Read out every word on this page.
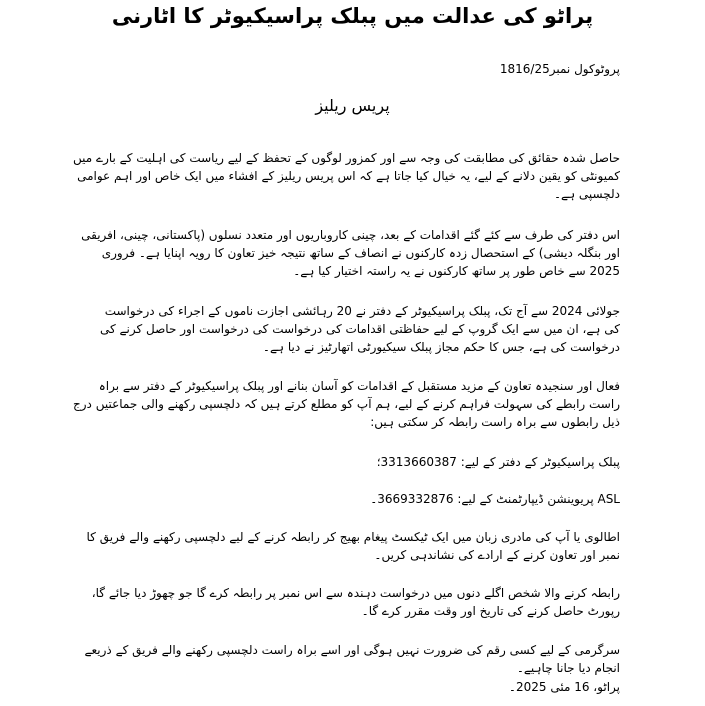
پراٹو کی عدالت میں پبلک پراسیکیوٹر کا اٹارنی
پروٹوکول نمبر1816/25
پریس ریلیز
حاصل شدہ حقائق کی مطابقت کی وجہ سے اور کمزور لوگوں کے تحفظ کے لیے ریاست کی اہلیت کے بارے میں
کمیونٹی کو یقین دلانے کے لیے، یہ خیال کیا جاتا ہے کہ اس پریس ریلیز کے افشاء میں ایک خاص اور اہم عوامی
دلچسپی ہے۔
اس دفتر کی طرف سے کئے گئے اقدامات کے بعد، چینی کاروباریوں اور متعدد نسلوں (پاکستانی، چینی، افریقی
اور بنگلہ دیشی) کے استحصال زدہ کارکنوں نے انصاف کے ساتھ نتیجہ خیز تعاون کا رویہ اپنایا ہے۔ فروری
2025 سے خاص طور پر ساتھ کارکنوں نے یہ راستہ اختیار کیا ہے۔
جولائی 2024 سے آج تک، پبلک پراسیکیوٹر کے دفتر نے 20 رہائشی اجازت ناموں کے اجراء کی درخواست
کی ہے، ان میں سے ایک گروپ کے لیے حفاظتی اقدامات کی درخواست کی درخواست اور حاصل کرنے کی
درخواست کی ہے، جس کا حکم مجاز پبلک سیکیورٹی اتھارٹیز نے دیا ہے۔
فعال اور سنجیدہ تعاون کے مزید مستقبل کے اقدامات کو آسان بنانے اور پبلک پراسیکیوٹر کے دفتر سے براہ
راست رابطے کی سہولت فراہم کرنے کے لیے، ہم آپ کو مطلع کرتے ہیں کہ دلچسپی رکھنے والی جماعتیں درج
ذیل رابطوں سے براہ راست رابطہ کر سکتی ہیں:
پبلک پراسیکیوٹر کے دفتر کے لیے: 3313660387؛
ASL پریوینشن ڈیپارٹمنٹ کے لیے: 3669332876۔
اطالوی یا آپ کی مادری زبان میں ایک ٹیکسٹ پیغام بھیج کر رابطہ کرنے کے لیے دلچسپی رکھنے والے فریق کا
نمبر اور تعاون کرنے کے ارادے کی نشاندہی کریں۔
رابطہ کرنے والا شخص اگلے دنوں میں درخواست دہندہ سے اس نمبر پر رابطہ کرے گا جو چھوڑ دیا جائے گا،
رپورٹ حاصل کرنے کی تاریخ اور وقت مقرر کرے گا۔
سرگرمی کے لیے کسی رقم کی ضرورت نہیں ہوگی اور اسے براہ راست دلچسپی رکھنے والے فریق کے ذریعے
انجام دیا جانا چاہیے۔
پراٹو، 16 مئی 2025۔
